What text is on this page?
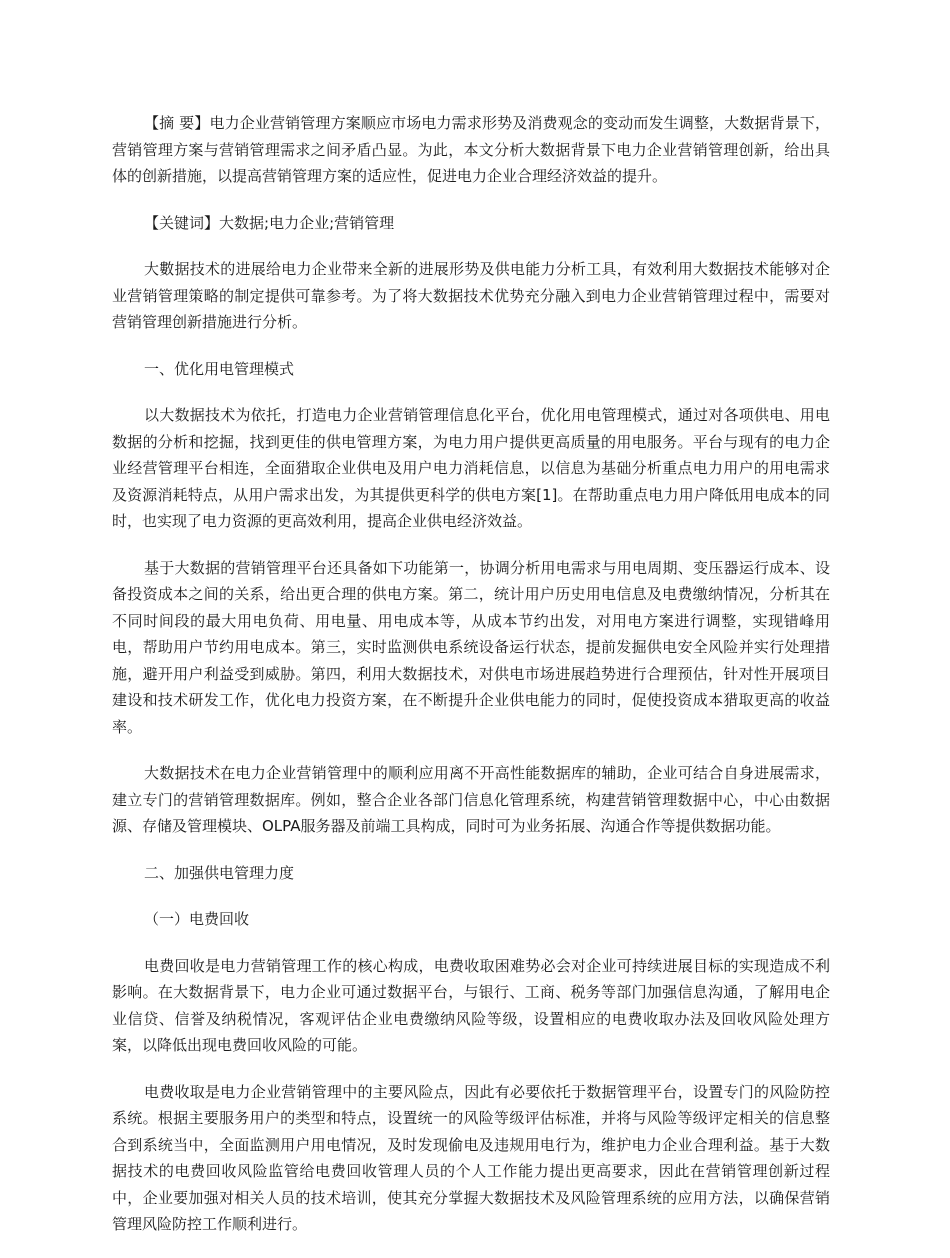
【摘 要】电力企业营销管理方案顺应市场电力需求形势及消费观念的变动而发生调整，大数据背景下，营销管理方案与营销管理需求之间矛盾凸显。为此，本文分析大数据背景下电力企业营销管理创新，给出具体的创新措施，以提高营销管理方案的适应性，促进电力企业合理经济效益的提升。

【关键词】大数据;电力企业;营销管理

大數据技术的进展给电力企业带来全新的进展形势及供电能力分析工具，有效利用大数据技术能够对企业营销管理策略的制定提供可靠参考。为了将大数据技术优势充分融入到电力企业营销管理过程中，需要对营销管理创新措施进行分析。

一、优化用电管理模式

以大数据技术为依托，打造电力企业营销管理信息化平台，优化用电管理模式，通过对各项供电、用电数据的分析和挖掘，找到更佳的供电管理方案，为电力用户提供更高质量的用电服务。平台与现有的电力企业经营管理平台相连，全面猎取企业供电及用户电力消耗信息，以信息为基础分析重点电力用户的用电需求及资源消耗特点，从用户需求出发，为其提供更科学的供电方案[1]。在帮助重点电力用户降低用电成本的同时，也实现了电力资源的更高效利用，提高企业供电经济效益。

基于大数据的营销管理平台还具备如下功能第一，协调分析用电需求与用电周期、变压器运行成本、设备投资成本之间的关系，给出更合理的供电方案。第二，统计用户历史用电信息及电费缴纳情况，分析其在不同时间段的最大用电负荷、用电量、用电成本等，从成本节约出发，对用电方案进行调整，实现错峰用电，帮助用户节约用电成本。第三，实时监测供电系统设备运行状态，提前发掘供电安全风险并实行处理措施，避开用户利益受到威胁。第四，利用大数据技术，对供电市场进展趋势进行合理预估，针对性开展项目建设和技术研发工作，优化电力投资方案，在不断提升企业供电能力的同时，促使投资成本猎取更高的收益率。

大数据技术在电力企业营销管理中的顺利应用离不开高性能数据库的辅助，企业可结合自身进展需求，建立专门的营销管理数据库。例如，整合企业各部门信息化管理系统，构建营销管理数据中心，中心由数据源、存储及管理模块、OLPA服务器及前端工具构成，同时可为业务拓展、沟通合作等提供数据功能。

二、加强供电管理力度

（一）电费回收

电费回收是电力营销管理工作的核心构成，电费收取困难势必会对企业可持续进展目标的实现造成不利影响。在大数据背景下，电力企业可通过数据平台，与银行、工商、税务等部门加强信息沟通，了解用电企业信贷、信誉及纳税情况，客观评估企业电费缴纳风险等级，设置相应的电费收取办法及回收风险处理方案，以降低出现电费回收风险的可能。

电费收取是电力企业营销管理中的主要风险点，因此有必要依托于数据管理平台，设置专门的风险防控系统。根据主要服务用户的类型和特点，设置统一的风险等级评估标准，并将与风险等级评定相关的信息整合到系统当中，全面监测用户用电情况，及时发现偷电及违规用电行为，维护电力企业合理利益。基于大数据技术的电费回收风险监管给电费回收管理人员的个人工作能力提出更高要求，因此在营销管理创新过程中，企业要加强对相关人员的技术培训，使其充分掌握大数据技术及风险管理系统的应用方法，以确保营销管理风险防控工作顺利进行。
